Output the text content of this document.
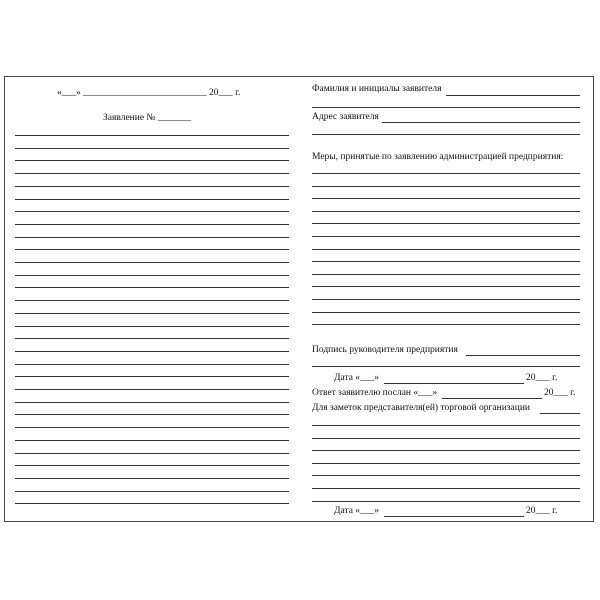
«___» __________________________ 20___ г.
Заявление № _______
Фамилия и инициалы заявителя
Адрес заявителя
Меры, принятые по заявлению администрацией предприятия:
Подпись руководителя предприятия
Дата «___»	20___ г.
Ответ заявителю послан «___»	20___ г.
Для заметок представителя(ей) торговой организации
Дата «___»	20___ г.
